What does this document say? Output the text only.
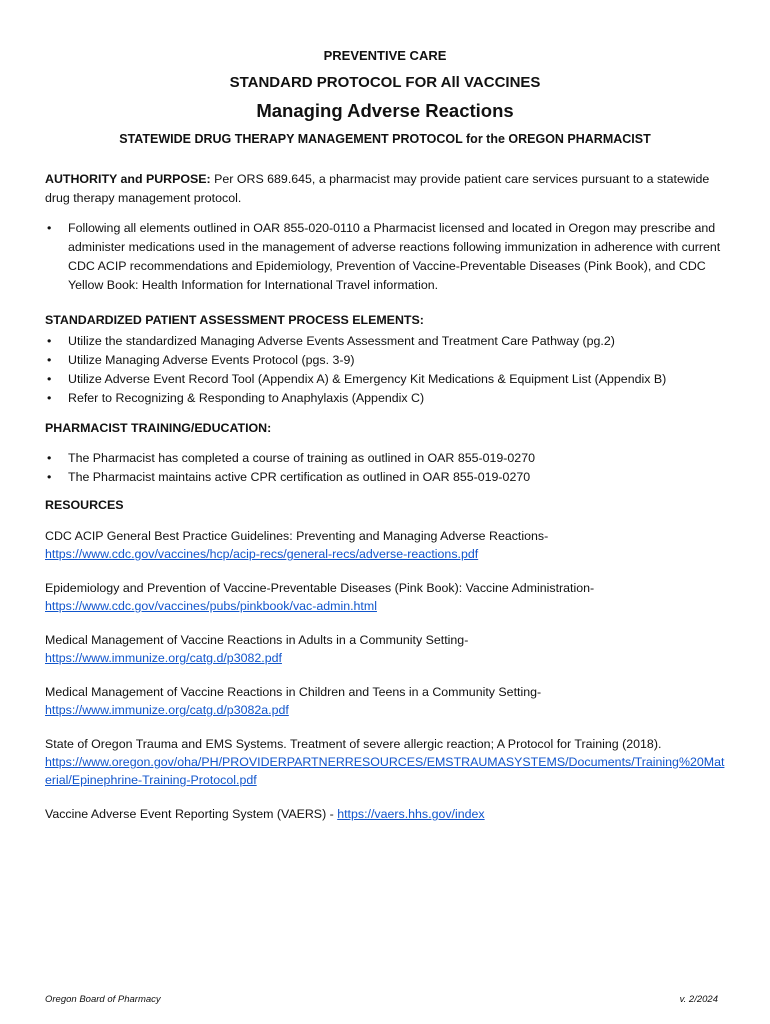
PREVENTIVE CARE
STANDARD PROTOCOL FOR All VACCINES
Managing Adverse Reactions
STATEWIDE DRUG THERAPY MANAGEMENT PROTOCOL for the OREGON PHARMACIST
AUTHORITY and PURPOSE: Per ORS 689.645, a pharmacist may provide patient care services pursuant to a statewide drug therapy management protocol.
• Following all elements outlined in OAR 855-020-0110 a Pharmacist licensed and located in Oregon may prescribe and administer medications used in the management of adverse reactions following immunization in adherence with current CDC ACIP recommendations and Epidemiology, Prevention of Vaccine-Preventable Diseases (Pink Book), and CDC Yellow Book: Health Information for International Travel information.
STANDARDIZED PATIENT ASSESSMENT PROCESS ELEMENTS:
• Utilize the standardized Managing Adverse Events Assessment and Treatment Care Pathway (pg.2)
• Utilize Managing Adverse Events Protocol (pgs. 3-9)
• Utilize Adverse Event Record Tool (Appendix A) & Emergency Kit Medications & Equipment List (Appendix B)
• Refer to Recognizing & Responding to Anaphylaxis (Appendix C)
PHARMACIST TRAINING/EDUCATION:
• The Pharmacist has completed a course of training as outlined in OAR 855-019-0270
• The Pharmacist maintains active CPR certification as outlined in OAR 855-019-0270
RESOURCES
CDC ACIP General Best Practice Guidelines: Preventing and Managing Adverse Reactions-
https://www.cdc.gov/vaccines/hcp/acip-recs/general-recs/adverse-reactions.pdf
Epidemiology and Prevention of Vaccine-Preventable Diseases (Pink Book): Vaccine Administration-
https://www.cdc.gov/vaccines/pubs/pinkbook/vac-admin.html
Medical Management of Vaccine Reactions in Adults in a Community Setting-
https://www.immunize.org/catg.d/p3082.pdf
Medical Management of Vaccine Reactions in Children and Teens in a Community Setting-
https://www.immunize.org/catg.d/p3082a.pdf
State of Oregon Trauma and EMS Systems. Treatment of severe allergic reaction; A Protocol for Training (2018).
https://www.oregon.gov/oha/PH/PROVIDERPARTNERRESOURCES/EMSTRAUMASYSTEMS/Documents/Training%20Material/Epinephrine-Training-Protocol.pdf
Vaccine Adverse Event Reporting System (VAERS) - https://vaers.hhs.gov/index
Oregon Board of Pharmacy	v. 2/2024
